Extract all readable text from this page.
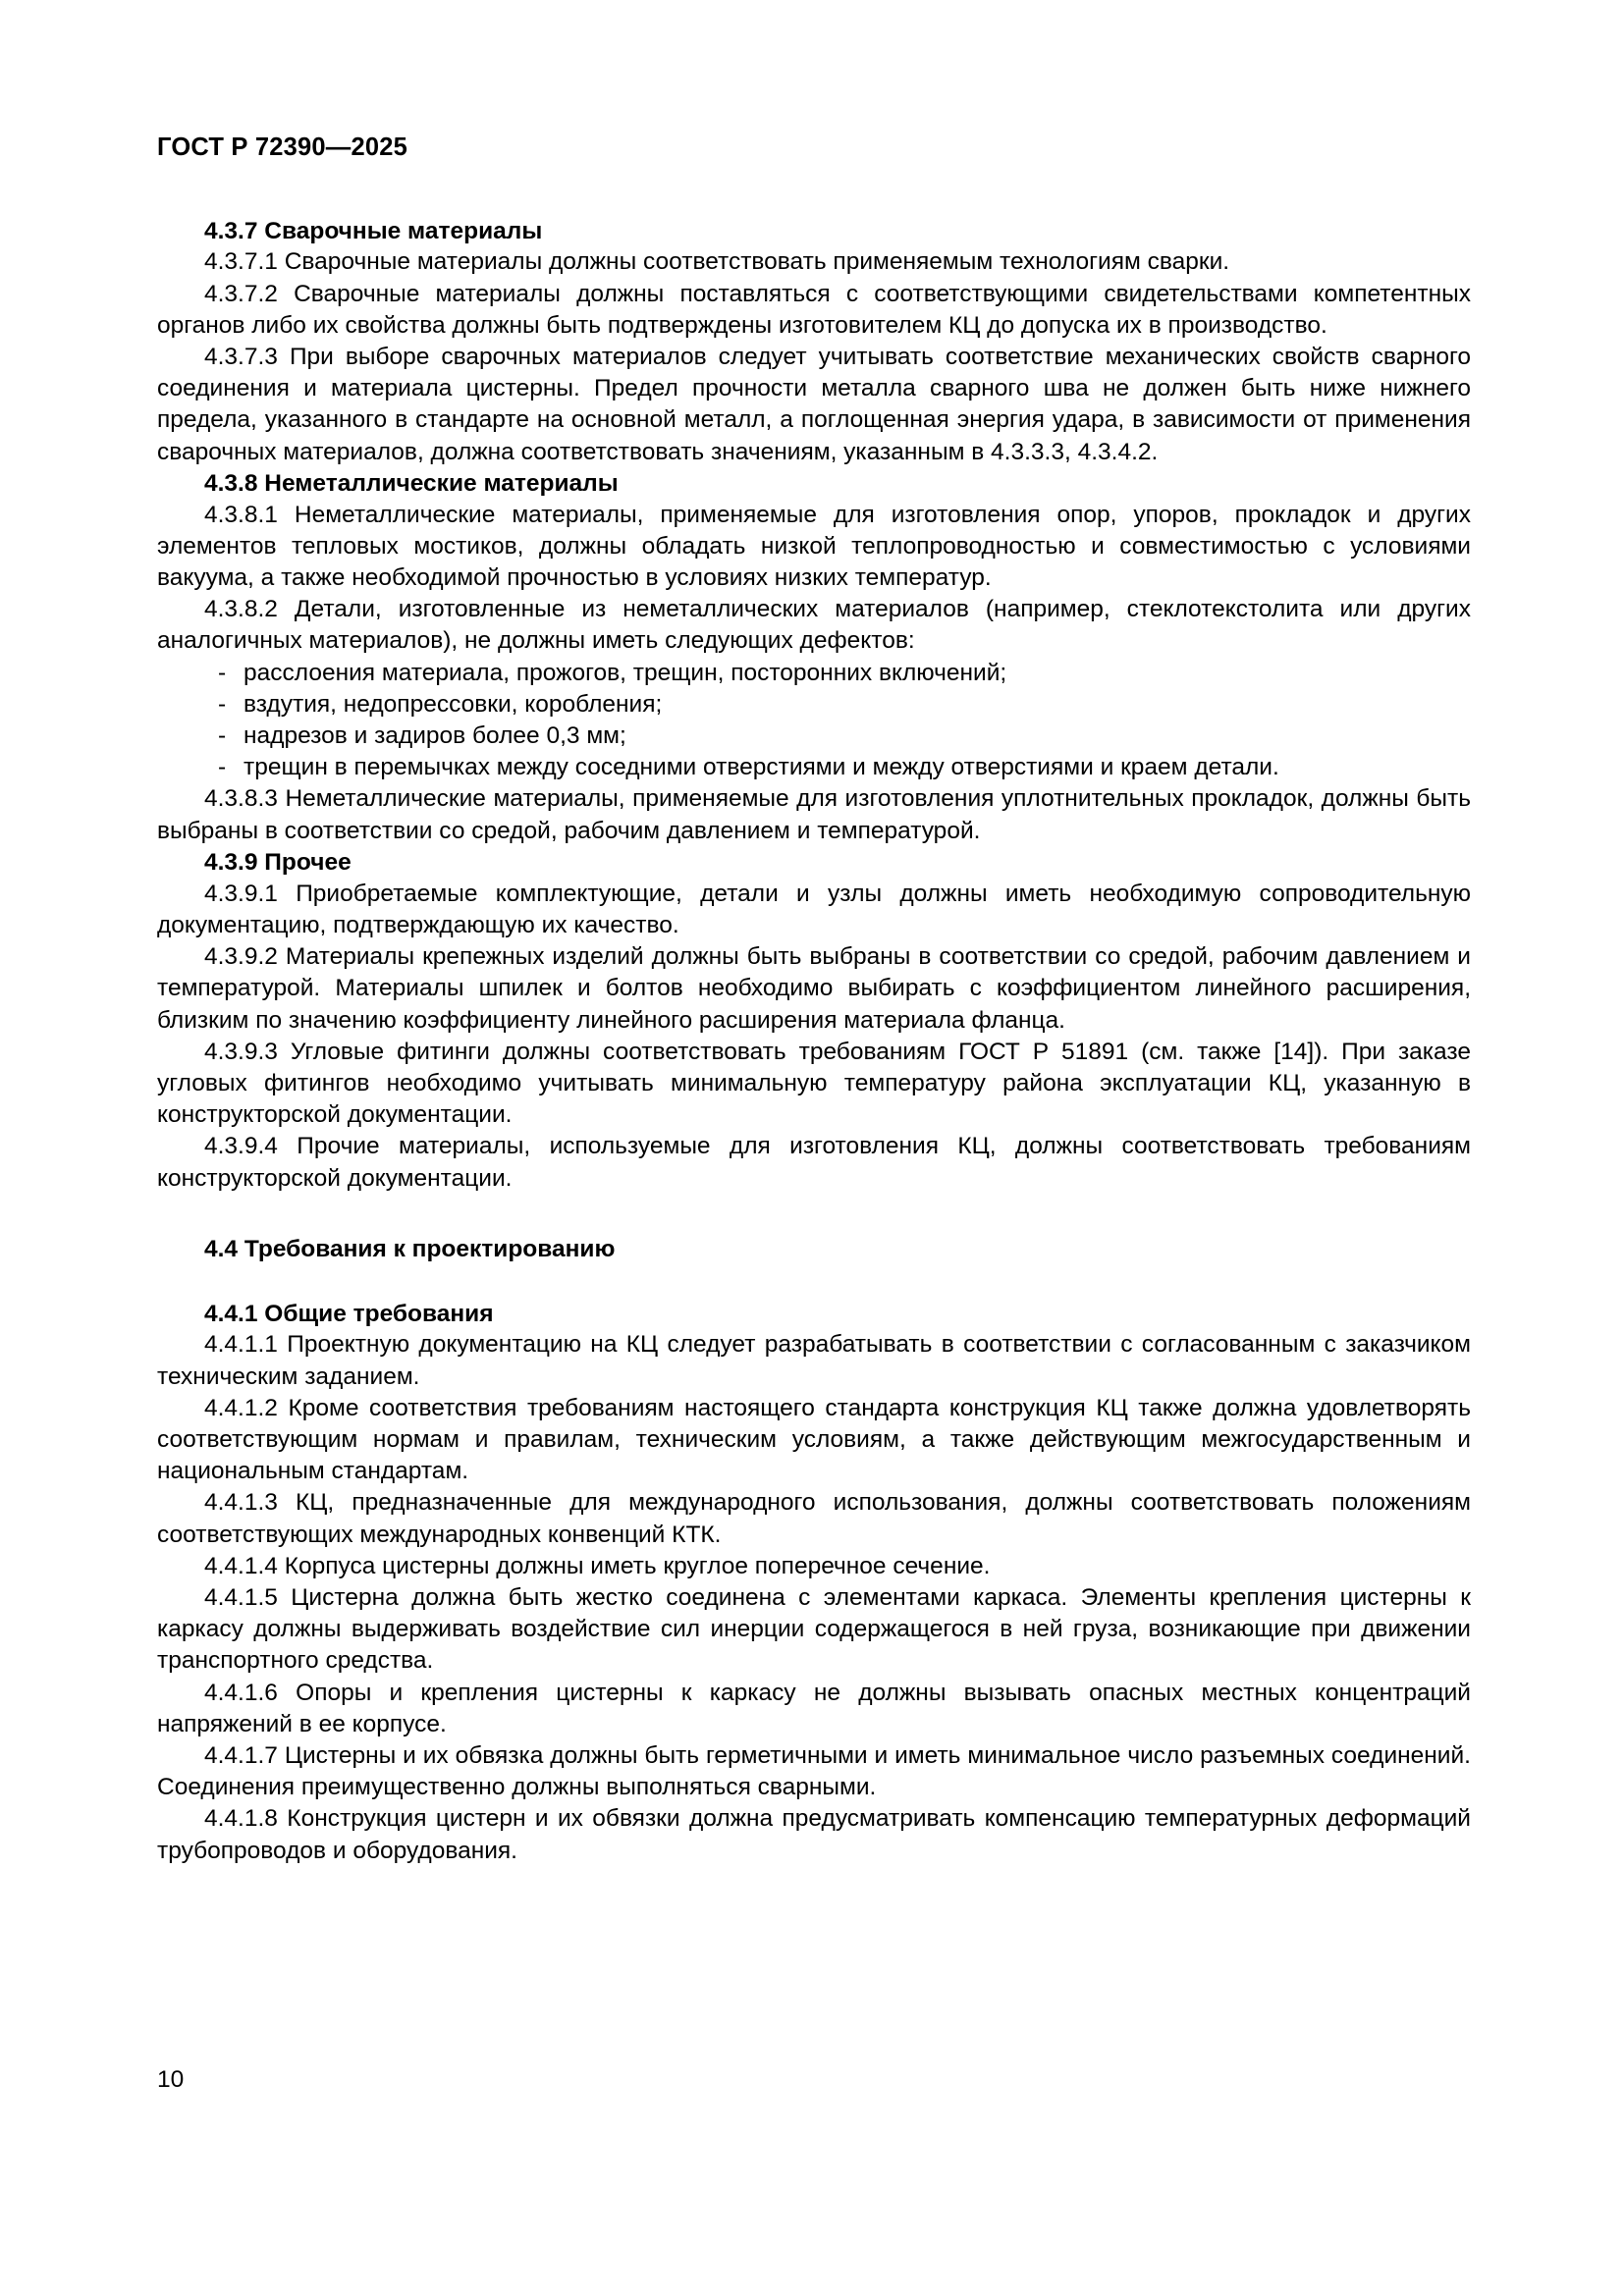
ГОСТ Р 72390—2025
4.3.7 Сварочные материалы

4.3.7.1 Сварочные материалы должны соответствовать применяемым технологиям сварки.

4.3.7.2 Сварочные материалы должны поставляться с соответствующими свидетельствами компетентных органов либо их свойства должны быть подтверждены изготовителем КЦ до допуска их в производство.

4.3.7.3 При выборе сварочных материалов следует учитывать соответствие механических свойств сварного соединения и материала цистерны. Предел прочности металла сварного шва не должен быть ниже нижнего предела, указанного в стандарте на основной металл, а поглощенная энергия удара, в зависимости от применения сварочных материалов, должна соответствовать значениям, указанным в 4.3.3.3, 4.3.4.2.

4.3.8 Неметаллические материалы

4.3.8.1 Неметаллические материалы, применяемые для изготовления опор, упоров, прокладок и других элементов тепловых мостиков, должны обладать низкой теплопроводностью и совместимостью с условиями вакуума, а также необходимой прочностью в условиях низких температур.

4.3.8.2 Детали, изготовленные из неметаллических материалов (например, стеклотекстолита или других аналогичных материалов), не должны иметь следующих дефектов:

- расслоения материала, прожогов, трещин, посторонних включений;
- вздутия, недопрессовки, коробления;
- надрезов и задиров более 0,3 мм;
- трещин в перемычках между соседними отверстиями и между отверстиями и краем детали.

4.3.8.3 Неметаллические материалы, применяемые для изготовления уплотнительных прокладок, должны быть выбраны в соответствии со средой, рабочим давлением и температурой.

4.3.9 Прочее

4.3.9.1 Приобретаемые комплектующие, детали и узлы должны иметь необходимую сопроводительную документацию, подтверждающую их качество.

4.3.9.2 Материалы крепежных изделий должны быть выбраны в соответствии со средой, рабочим давлением и температурой. Материалы шпилек и болтов необходимо выбирать с коэффициентом линейного расширения, близким по значению коэффициенту линейного расширения материала фланца.

4.3.9.3 Угловые фитинги должны соответствовать требованиям ГОСТ Р 51891 (см. также [14]). При заказе угловых фитингов необходимо учитывать минимальную температуру района эксплуатации КЦ, указанную в конструкторской документации.

4.3.9.4 Прочие материалы, используемые для изготовления КЦ, должны соответствовать требованиям конструкторской документации.

4.4 Требования к проектированию
4.4.1 Общие требования

4.4.1.1 Проектную документацию на КЦ следует разрабатывать в соответствии с согласованным с заказчиком техническим заданием.

4.4.1.2 Кроме соответствия требованиям настоящего стандарта конструкция КЦ также должна удовлетворять соответствующим нормам и правилам, техническим условиям, а также действующим межгосударственным и национальным стандартам.

4.4.1.3 КЦ, предназначенные для международного использования, должны соответствовать положениям соответствующих международных конвенций КТК.

4.4.1.4 Корпуса цистерны должны иметь круглое поперечное сечение.

4.4.1.5 Цистерна должна быть жестко соединена с элементами каркаса. Элементы крепления цистерны к каркасу должны выдерживать воздействие сил инерции содержащегося в ней груза, возникающие при движении транспортного средства.

4.4.1.6 Опоры и крепления цистерны к каркасу не должны вызывать опасных местных концентраций напряжений в ее корпусе.

4.4.1.7 Цистерны и их обвязка должны быть герметичными и иметь минимальное число разъемных соединений. Соединения преимущественно должны выполняться сварными.

4.4.1.8 Конструкция цистерн и их обвязки должна предусматривать компенсацию температурных деформаций трубопроводов и оборудования.

10
